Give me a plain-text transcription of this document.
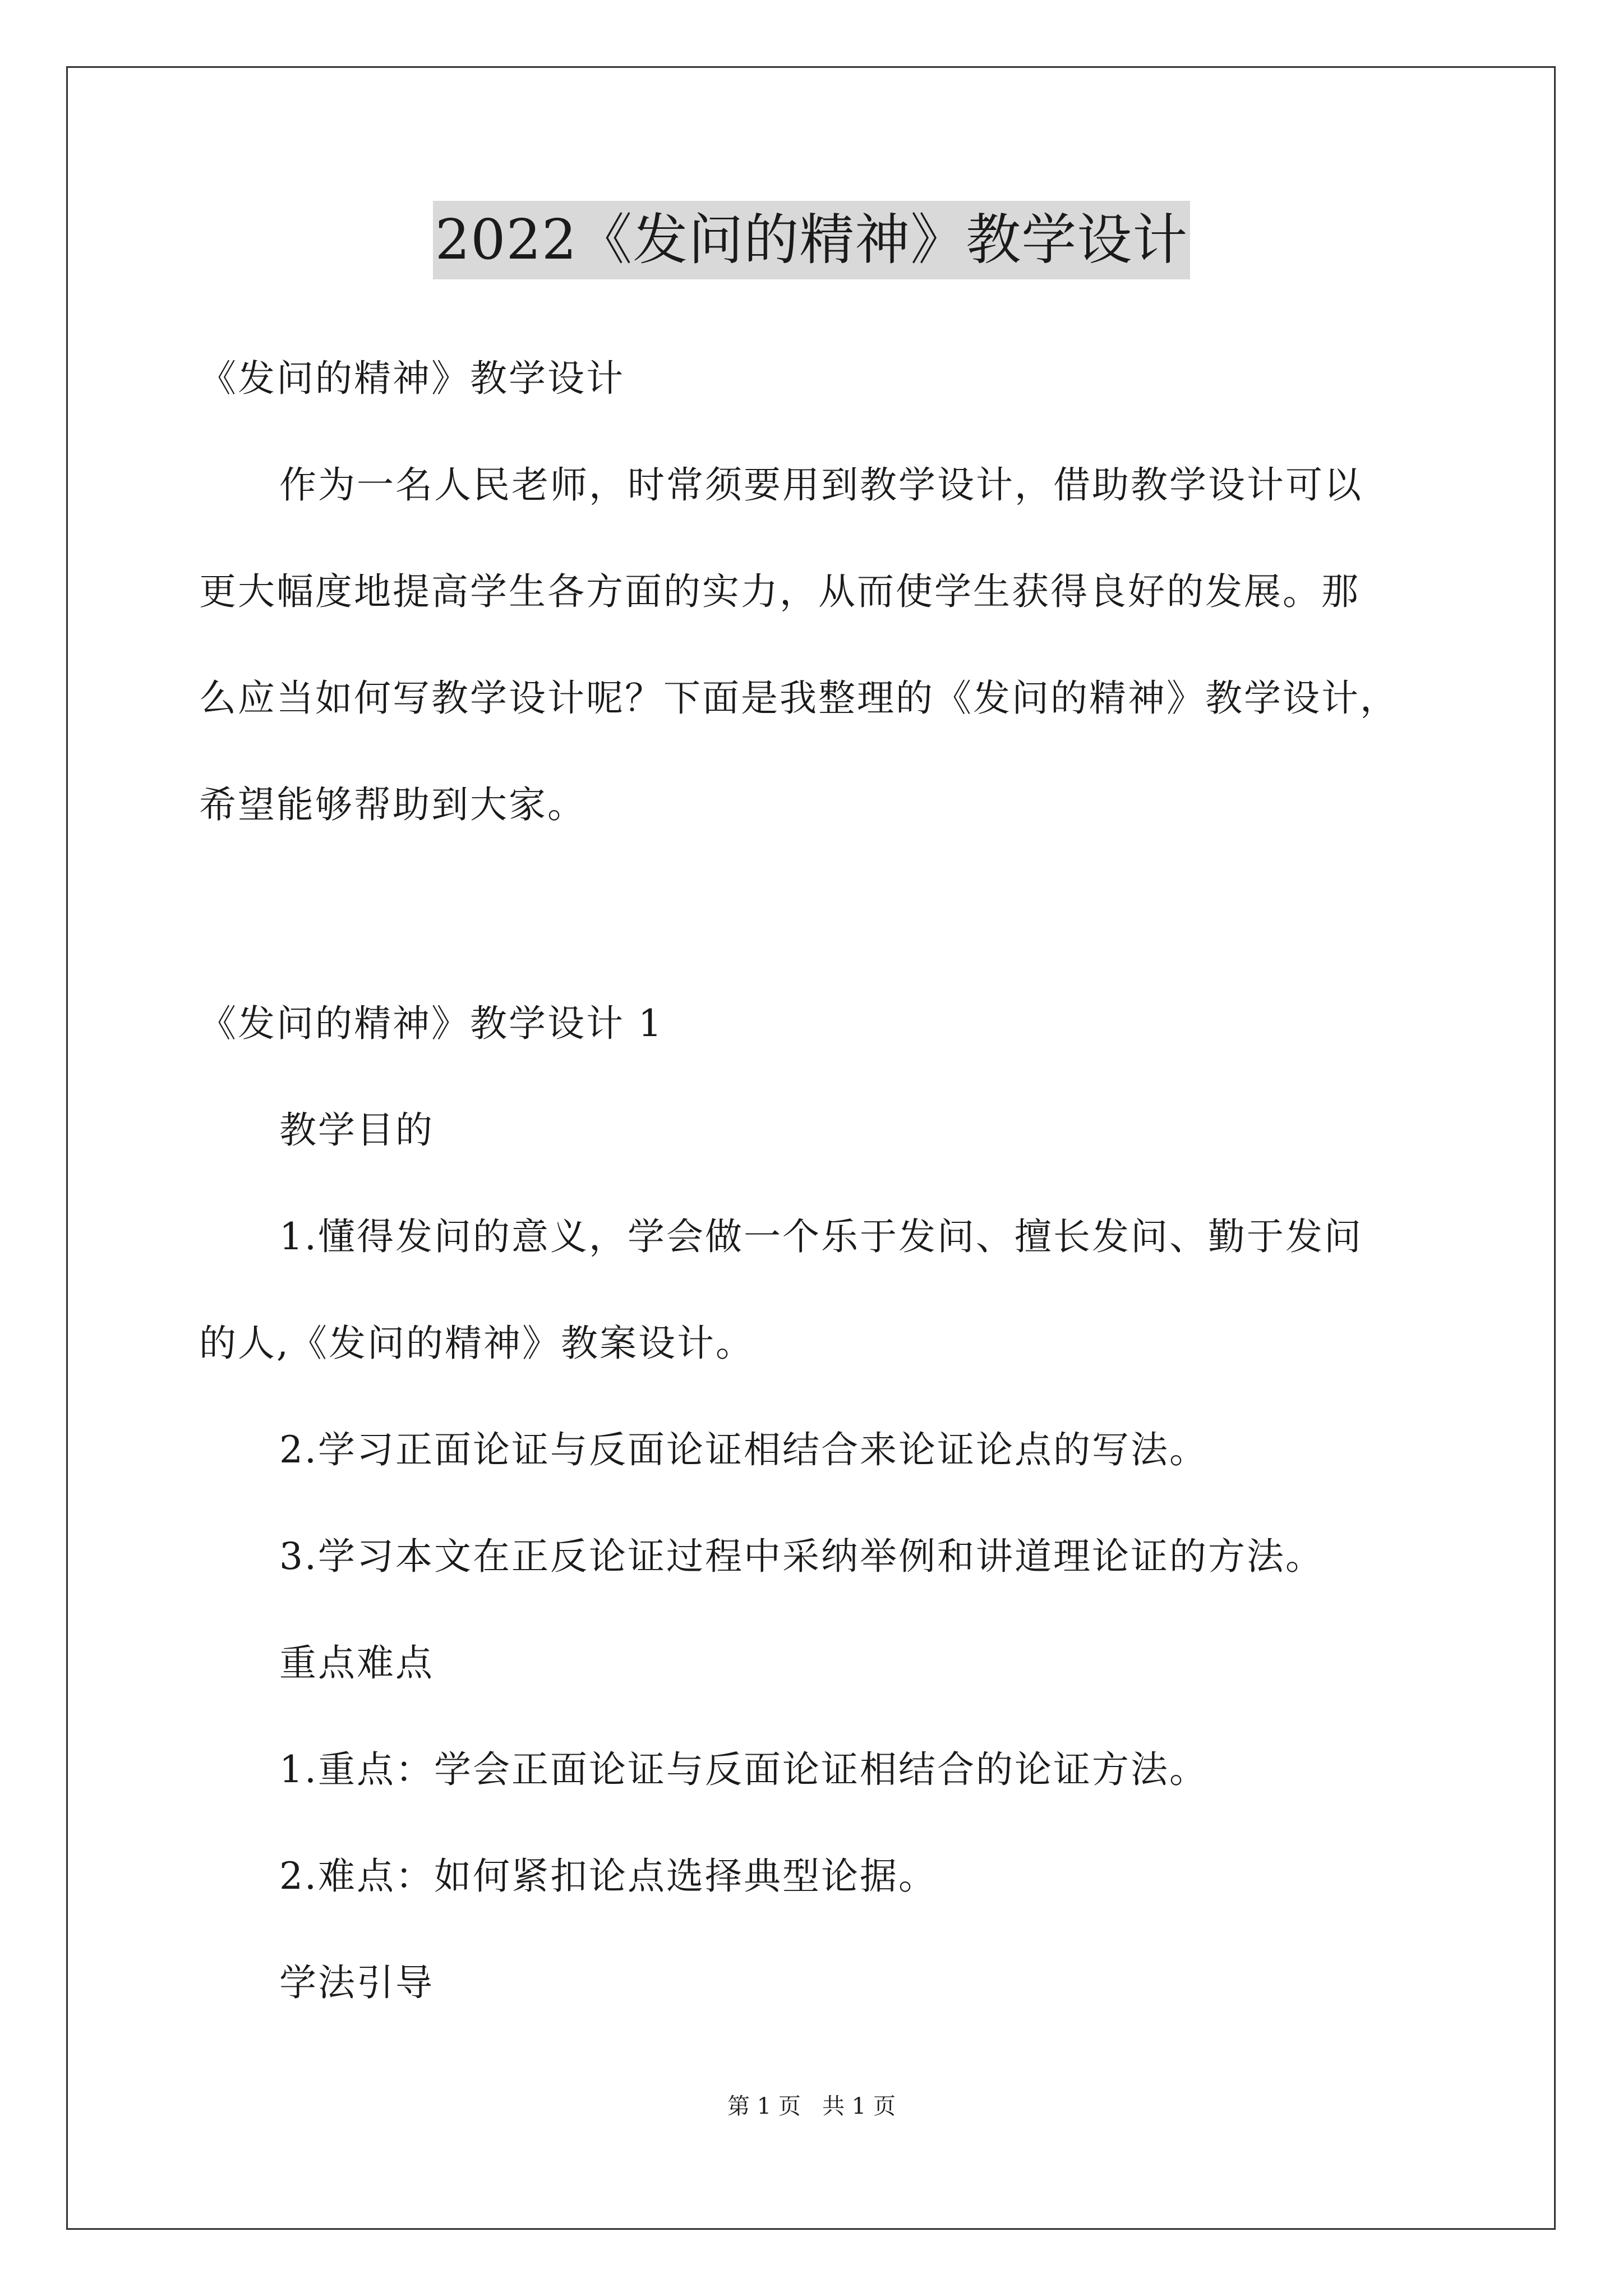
2022《发问的精神》教学设计
《发问的精神》教学设计
作为一名人民老师，时常须要用到教学设计，借助教学设计可以
更大幅度地提高学生各方面的实力，从而使学生获得良好的发展。那
么应当如何写教学设计呢？下面是我整理的《发问的精神》教学设计，
希望能够帮助到大家。
《发问的精神》教学设计 1
教学目的
1.懂得发问的意义，学会做一个乐于发问、擅长发问、勤于发问
的人,《发问的精神》教案设计。
2.学习正面论证与反面论证相结合来论证论点的写法。
3.学习本文在正反论证过程中采纳举例和讲道理论证的方法。
重点难点
1.重点：学会正面论证与反面论证相结合的论证方法。
2.难点：如何紧扣论点选择典型论据。
学法引导
第 1 页   共 1 页
